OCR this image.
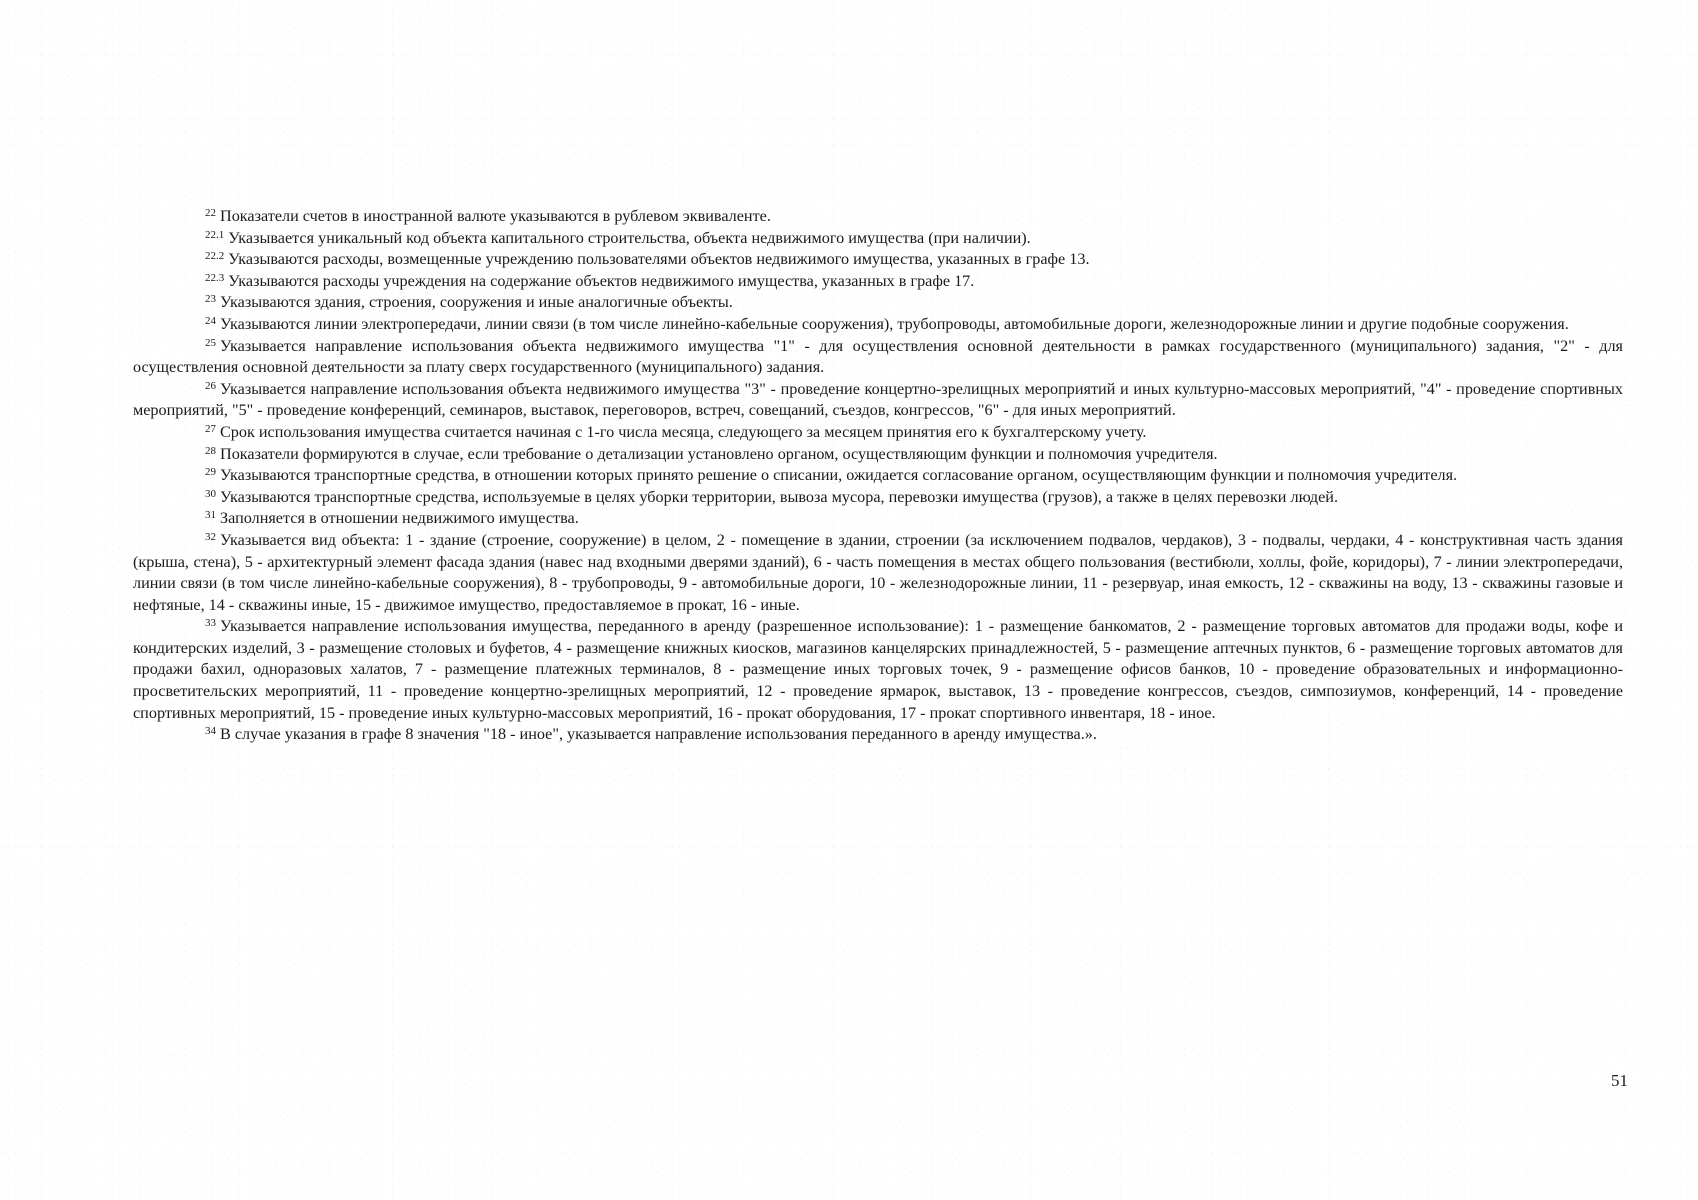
$^{22}$ Показатели счетов в иностранной валюте указываются в рублевом эквиваленте.

$^{22.1}$ Указывается уникальный код объекта капитального строительства, объекта недвижимого имущества (при наличии).

$^{22.2}$ Указываются расходы, возмещенные учреждению пользователями объектов недвижимого имущества, указанных в графе 13.

$^{22.3}$ Указываются расходы учреждения на содержание объектов недвижимого имущества, указанных в графе 17.

$^{23}$ Указываются здания, строения, сооружения и иные аналогичные объекты.

$^{24}$ Указываются линии электропередачи, линии связи (в том числе линейно-кабельные сооружения), трубопроводы, автомобильные дороги, железнодорожные линии и другие подобные сооружения.

$^{25}$ Указывается направление использования объекта недвижимого имущества "1" - для осуществления основной деятельности в рамках государственного (муниципального) задания, "2" - для осуществления основной деятельности за плату сверх государственного (муниципального) задания.

$^{26}$ Указывается направление использования объекта недвижимого имущества "3" - проведение концертно-зрелищных мероприятий и иных культурно-массовых мероприятий, "4" - проведение спортивных мероприятий, "5" - проведение конференций, семинаров, выставок, переговоров, встреч, совещаний, съездов, конгрессов, "6" - для иных мероприятий.

$^{27}$ Срок использования имущества считается начиная с 1-го числа месяца, следующего за месяцем принятия его к бухгалтерскому учету.

$^{28}$ Показатели формируются в случае, если требование о детализации установлено органом, осуществляющим функции и полномочия учредителя.

$^{29}$ Указываются транспортные средства, в отношении которых принято решение о списании, ожидается согласование органом, осуществляющим функции и полномочия учредителя.

$^{30}$ Указываются транспортные средства, используемые в целях уборки территории, вывоза мусора, перевозки имущества (грузов), а также в целях перевозки людей.

$^{31}$ Заполняется в отношении недвижимого имущества.

$^{32}$ Указывается вид объекта: 1 - здание (строение, сооружение) в целом, 2 - помещение в здании, строении (за исключением подвалов, чердаков), 3 - подвалы, чердаки, 4 - конструктивная часть здания (крыша, стена), 5 - архитектурный элемент фасада здания (навес над входными дверями зданий), 6 - часть помещения в местах общего пользования (вестибюли, холлы, фойе, коридоры), 7 - линии электропередачи, линии связи (в том числе линейно-кабельные сооружения), 8 - трубопроводы, 9 - автомобильные дороги, 10 - железнодорожные линии, 11 - резервуар, иная емкость, 12 - скважины на воду, 13 - скважины газовые и нефтяные, 14 - скважины иные, 15 - движимое имущество, предоставляемое в прокат, 16 - иные.

$^{33}$ Указывается направление использования имущества, переданного в аренду (разрешенное использование): 1 - размещение банкоматов, 2 - размещение торговых автоматов для продажи воды, кофе и кондитерских изделий, 3 - размещение столовых и буфетов, 4 - размещение книжных киосков, магазинов канцелярских принадлежностей, 5 - размещение аптечных пунктов, 6 - размещение торговых автоматов для продажи бахил, одноразовых халатов, 7 - размещение платежных терминалов, 8 - размещение иных торговых точек, 9 - размещение офисов банков, 10 - проведение образовательных и информационно-просветительских мероприятий, 11 - проведение концертно-зрелищных мероприятий, 12 - проведение ярмарок, выставок, 13 - проведение конгрессов, съездов, симпозиумов, конференций, 14 - проведение спортивных мероприятий, 15 - проведение иных культурно-массовых мероприятий, 16 - прокат оборудования, 17 - прокат спортивного инвентаря, 18 - иное.

$^{34}$ В случае указания в графе 8 значения "18 - иное", указывается направление использования переданного в аренду имущества.».

51
